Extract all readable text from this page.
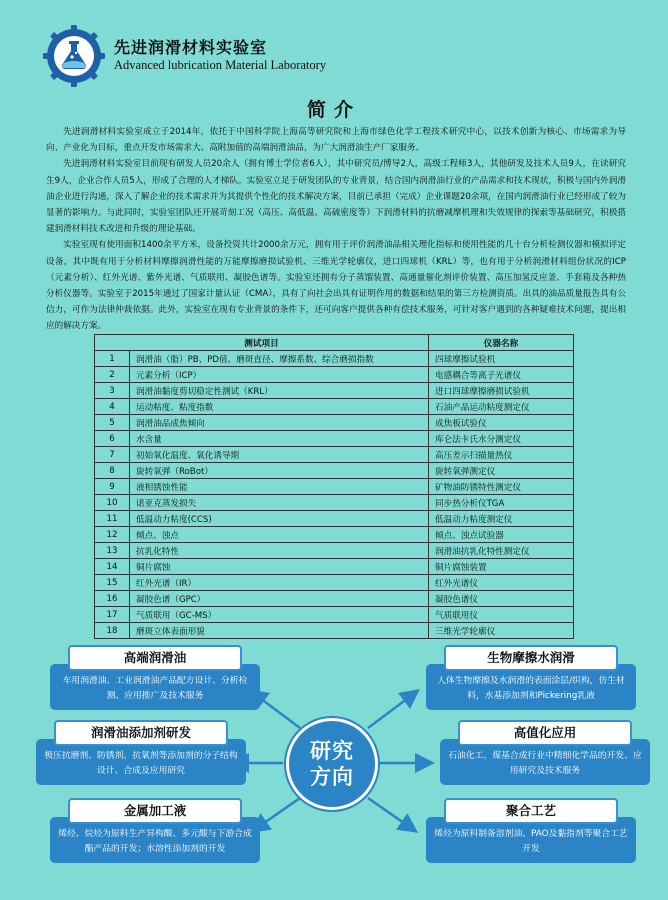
先进润滑材料实验室
Advanced lubrication Material Laboratory
简介

先进润滑材料实验室成立于2014年，依托于中国科学院上海高等研究院和上海市绿色化学工程技术研究中心，以技术创新为核心、市场需求为导向、产业化为目标，重点开发市场需求大、高附加值的高端润滑油品，为广大润滑油生产厂家服务。

先进润滑材料实验室目前现有研发人员20余人（拥有博士学位者6人），其中研究员/博导2人，高级工程师3人，其他研发及技术人员9人，在读研究生9人，企业合作人员5人，形成了合理的人才梯队。实验室立足于研发团队的专业背景，结合国内润滑油行业的产品需求和技术现状，积极与国内外润滑油企业进行沟通，深入了解企业的技术需求并为其提供个性化的技术解决方案，目前已承担（完成）企业课题20余项，在国内润滑油行业已经形成了较为显著的影响力。与此同时，实验室团队还开展苛刻工况（高压、高低温、高硫密度等）下润滑材料的抗磨减摩机理和失效规律的探索等基础研究，积极搭建润滑材料技术改进和升级的理论基础。

实验室现有使用面积1400余平方米，设备投资共计2000余万元，拥有用于评价润滑油品相关理化指标和使用性能的几十台分析检测仪器和模拟评定设备，其中既有用于分析材料摩擦润滑性能的万能摩擦磨损试验机、三维光学轮廓仪，进口四球机（KRL）等，也有用于分析润滑材料组份状况的ICP（元素分析）、红外光谱、紫外光谱、气质联用、凝胶色谱等。实验室还拥有分子蒸馏装置、高通量催化剂评价装置、高压加氢反应釜、手套箱及各种热分析仪器等。实验室于2015年通过了国家计量认证（CMA），具有了向社会出具有证明作用的数据和结果的第三方检测资质。出具的油品质量报告具有公信力，可作为法律仲裁依据。此外，实验室在现有专业背景的条件下，还可向客户提供各种有偿技术服务，可针对客户遇到的各种疑难技术问题，提出相应的解决方案。

测试项目		仪器名称
1	润滑油（脂）PB、PD值、磨斑直径、摩擦系数、综合磨损指数	四球摩擦试验机
2	元素分析（ICP）	电感耦合等离子光谱仪
3	润滑油黏度剪切稳定性测试（KRL）	进口四球摩擦磨损试验机
4	运动粘度、粘度指数	石油产品运动粘度测定仪
5	润滑油品成焦倾向	成焦板试验仪
6	水含量	库仑法卡氏水分测定仪
7	初始氧化温度、氧化诱导期	高压差示扫描量热仪
8	旋转氧弹（RoBot）	旋转氧弹测定仪
9	液相锈蚀性能	矿物油防锈特性测定仪
10	诺亚克蒸发损失	同步热分析仪TGA
11	低温动力粘度(CCS)	低温动力粘度测定仪
12	倾点、浊点	倾点、浊点试验器
13	抗乳化特性	润滑油抗乳化特性测定仪
14	铜片腐蚀	铜片腐蚀装置
15	红外光谱（IR）	红外光谱仪
16	凝胶色谱（GPC）	凝胶色谱仪
17	气质联用（GC-MS）	气质联用仪
18	磨斑立体表面形貌	三维光学轮廓仪
研究
方向
高端润滑油
车用润滑油、工业润滑油产品配方设计、分析检测、应用推广及技术服务
生物摩擦水润滑
人体生物摩擦及水润滑的表面涂层/织构，仿生材料，水基添加剂和Pickering乳液
润滑油添加剂研发
极压抗磨剂、防锈剂、抗氧剂等添加剂的分子结构设计、合成及应用研究
高值化应用
石油化工、煤基合成行业中精细化学品的开发、应用研究及技术服务
金属加工液
烯烃、烷烃为原料生产异构酸、多元酸与下游合成酯产品的开发；水溶性添加剂的开发
聚合工艺
烯烃为原料制备溶剂油、PAO及黏指剂等聚合工艺开发
